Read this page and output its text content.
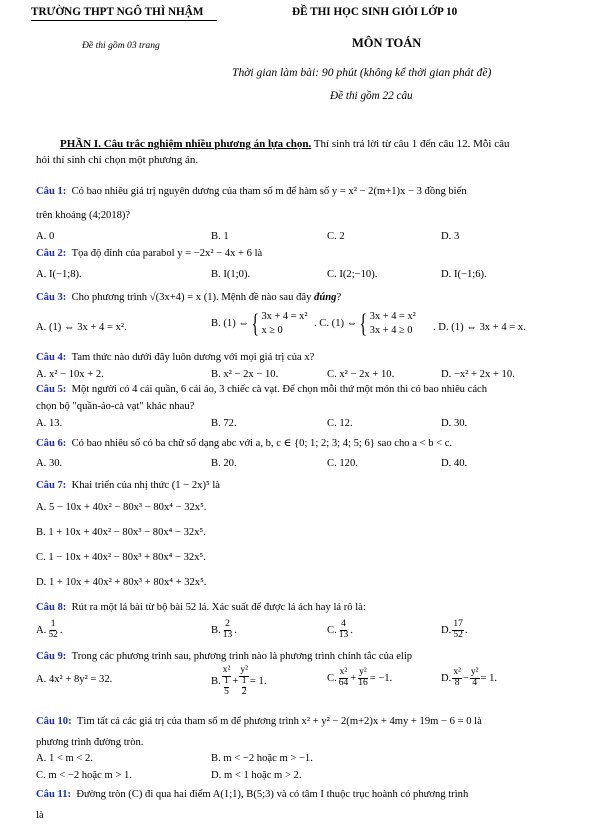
TRƯỜNG THPT NGÔ THÌ NHẬM
Đề thi gồm 03 trang
ĐỀ THI HỌC SINH GIỎI LỚP 10
MÔN TOÁN
Thời gian làm bài: 90 phút (không kể thời gian phát đề)
Đề thi gồm 22 câu
PHẦN I. Câu trắc nghiệm nhiều phương án lựa chọn. Thí sinh trả lời từ câu 1 đến câu 12. Mỗi câu
hỏi thí sinh chỉ chọn một phương án.
Câu 1: Có bao nhiêu giá trị nguyên dương của tham số m để hàm số y = x² − 2(m+1)x − 3 đồng biến
trên khoảng (4;2018)?
A. 0	B. 1	C. 2	D. 3
Câu 2: Tọa độ đỉnh của parabol y = −2x² − 4x + 6 là
A. I(−1;8).	B. I(1;0).	C. I(2;−10).	D. I(−1;6).
Câu 3: Cho phương trình √(3x+4) = x (1). Mệnh đề nào sau đây đúng?
A. (1) ⇔ 3x + 4 = x².	B. (1) ⇔ { 3x + 4 = x²
x ≥ 0
. C. (1) ⇔ { 3x + 4 = x²
3x + 4 ≥ 0	. D. (1) ⇔ 3x + 4 = x.
Câu 4: Tam thức nào dưới đây luôn dương với mọi giá trị của x?
A. x² − 10x + 2.	B. x² − 2x − 10.	C. x² − 2x + 10.	D. −x² + 2x + 10.
Câu 5: Một người có 4 cái quần, 6 cái áo, 3 chiếc cà vạt. Để chọn mỗi thứ một món thì có bao nhiêu cách
chọn bộ "quần-áo-cà vạt" khác nhau?
A. 13.	B. 72.	C. 12.	D. 30.
Câu 6: Có bao nhiêu số có ba chữ số dạng abc với a, b, c ∈ {0; 1; 2; 3; 4; 5; 6} sao cho a < b < c.
A. 30.	B. 20.	C. 120.	D. 40.
Câu 7: Khai triển của nhị thức (1 − 2x)⁵ là
A. 5 − 10x + 40x² − 80x³ − 80x⁴ − 32x⁵.
B. 1 + 10x + 40x² − 80x³ − 80x⁴ − 32x⁵.
C. 1 − 10x + 40x² − 80x³ + 80x⁴ − 32x⁵.
D. 1 + 10x + 40x² + 80x³ + 80x⁴ + 32x⁵.
Câu 8: Rút ra một lá bài từ bộ bài 52 lá. Xác suất để được lá ách hay lá rô là:
A. $\frac{1}{52}$ .	B. $\frac{2}{13}$ .	C. $\frac{4}{13}$ .	D. $\frac{17}{52}$ .
Câu 9: Trong các phương trình sau, phương trình nào là phương trình chính tắc của elip
A. 4x² + 8y² = 32.	B. $\frac{\text{x²}}{\frac{1}{5}} + \frac{\text{y²}}{\frac{1}{2}} = 1$.	C. $\frac{\text{x²}}{64} + \frac{\text{y²}}{16} = -1$.	D. $\frac{\text{x²}}{8} - \frac{\text{y²}}{4} = 1$.
Câu 10: Tìm tất cả các giá trị của tham số m để phương trình x² + y² − 2(m+2)x + 4my + 19m − 6 = 0 là
phương trình đường tròn.
A. 1 < m < 2.	B. m < −2 hoặc m > −1.
C. m < −2 hoặc m > 1.	D. m < 1 hoặc m > 2.
Câu 11: Đường tròn (C) đi qua hai điểm A(1;1), B(5;3) và có tâm I thuộc trục hoành có phương trình
là
